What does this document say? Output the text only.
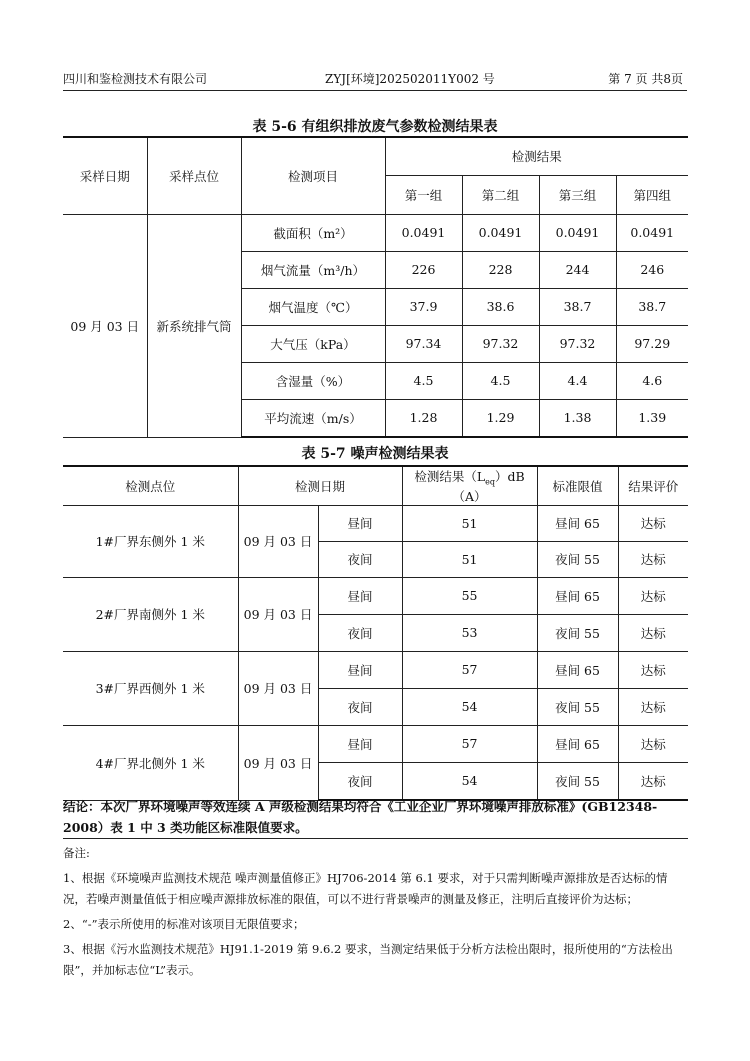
四川和鉴检测技术有限公司	ZYJ[环境]202502011Y002 号	第 7 页 共8页
表 5-6 有组织排放废气参数检测结果表
采样日期	采样点位	检测项目	检测结果			
			第一组	第二组	第三组	第四组
09 月 03 日	新系统排气筒	截面积（m²）	0.0491	0.0491	0.0491	0.0491
		烟气流量（m³/h）	226	228	244	246
		烟气温度（℃）	37.9	38.6	38.7	38.7
		大气压（kPa）	97.34	97.32	97.32	97.29
		含湿量（%）	4.5	4.5	4.4	4.6
		平均流速（m/s）	1.28	1.29	1.38	1.39
表 5-7 噪声检测结果表
检测点位	检测日期		检测结果$(L_{eq})dB(A)$	标准限值	结果评价
1#厂界东侧外 1 米	09 月 03 日	昼间	51	昼间 65	达标
		夜间	51	夜间 55	达标
2#厂界南侧外 1 米	09 月 03 日	昼间	55	昼间 65	达标
		夜间	53	夜间 55	达标
3#厂界西侧外 1 米	09 月 03 日	昼间	57	昼间 65	达标
		夜间	54	夜间 55	达标
4#厂界北侧外 1 米	09 月 03 日	昼间	57	昼间 65	达标
		夜间	54	夜间 55	达标
结论：本次厂界环境噪声等效连续 A 声级检测结果均符合《工业企业厂界环境噪声排放标准》(GB12348-2008）表 1 中 3 类功能区标准限值要求。

备注:

1、根据《环境噪声监测技术规范 噪声测量值修正》HJ706-2014 第 6.1 要求，对于只需判断噪声源排放是否达标的情况，若噪声测量值低于相应噪声源排放标准的限值，可以不进行背景噪声的测量及修正，注明后直接评价为达标；

2、“-”表示所使用的标准对该项目无限值要求；

3、根据《污水监测技术规范》HJ91.1-2019 第 9.6.2 要求，当测定结果低于分析方法检出限时，报所使用的“方法检出限”，并加标志位“L”表示。
